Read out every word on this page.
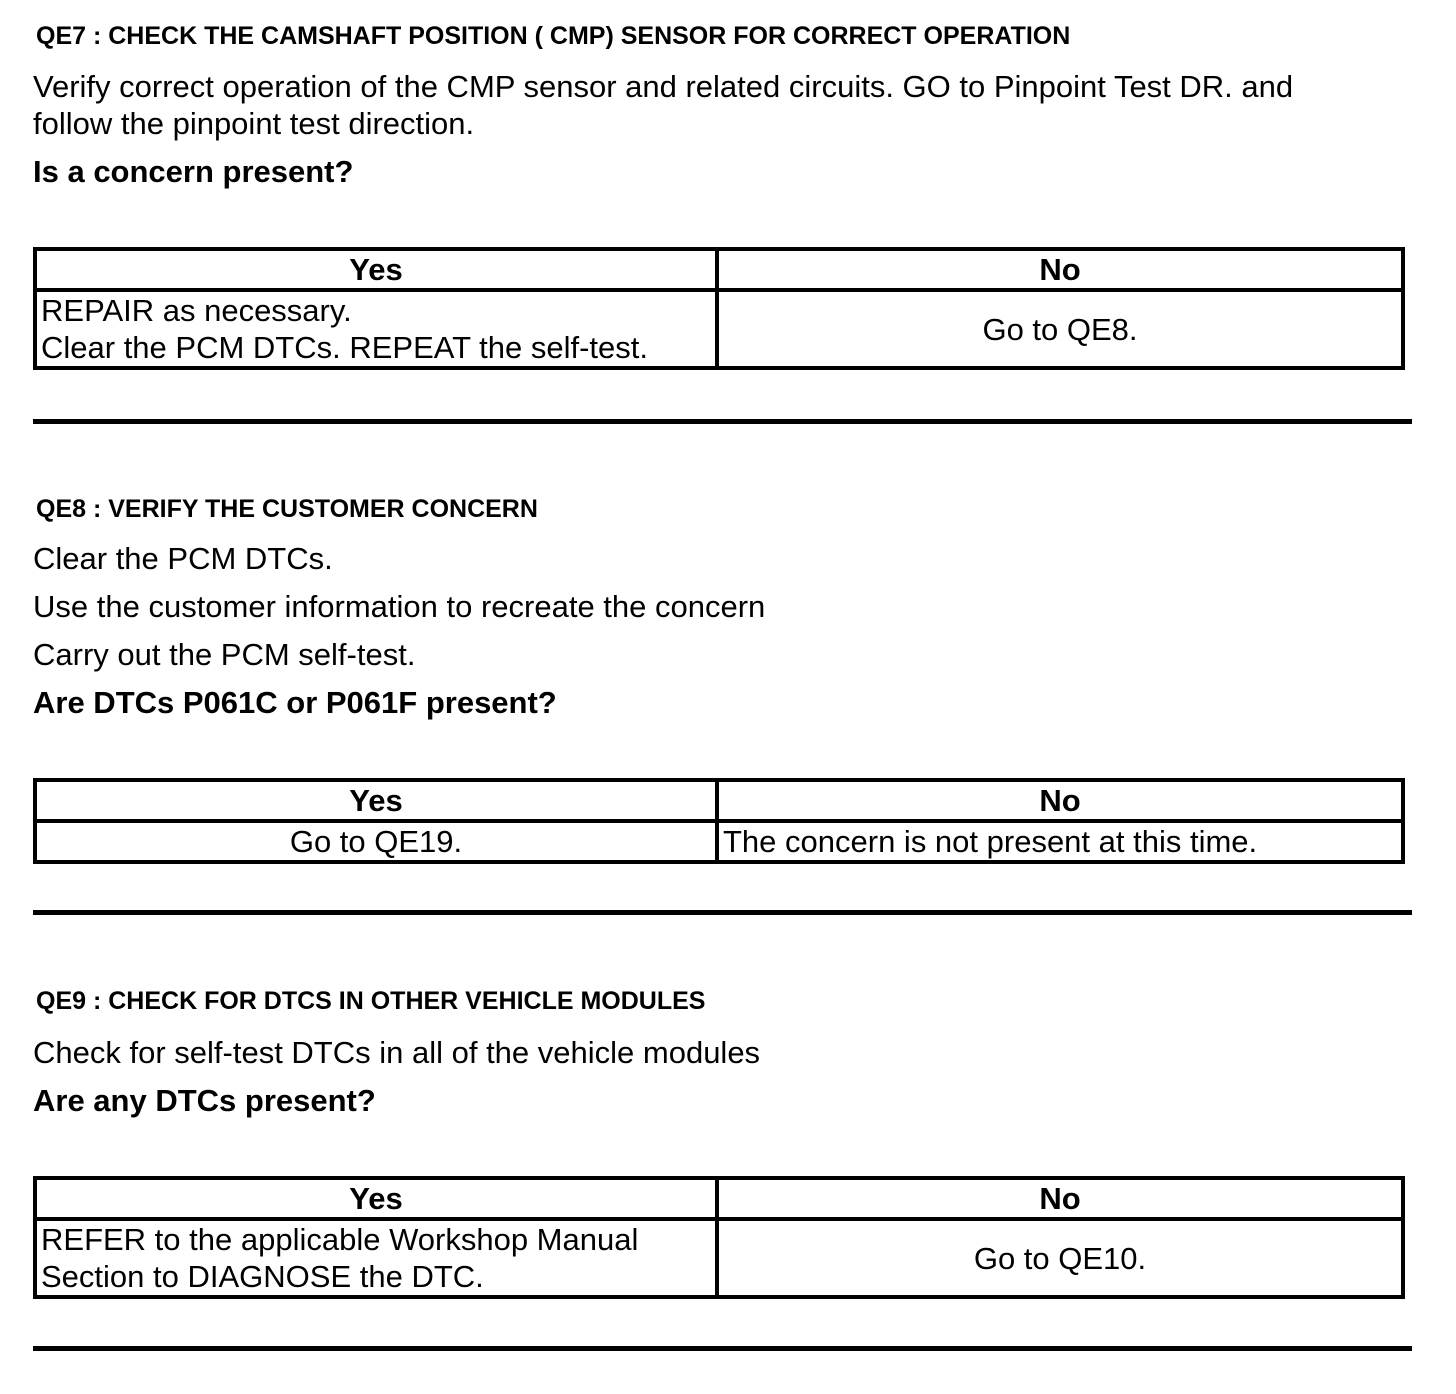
QE7 : CHECK THE CAMSHAFT POSITION ( CMP) SENSOR FOR CORRECT OPERATION
Verify correct operation of the CMP sensor and related circuits. GO to Pinpoint Test DR. and
follow the pinpoint test direction.
Is a concern present?
Yes	No

REPAIR as necessary.
Clear the PCM DTCs. REPEAT the self-test.	Go to QE8.
QE8 : VERIFY THE CUSTOMER CONCERN
Clear the PCM DTCs.
Use the customer information to recreate the concern
Carry out the PCM self-test.
Are DTCs P061C or P061F present?
Yes	No

Go to QE19.	The concern is not present at this time.
QE9 : CHECK FOR DTCS IN OTHER VEHICLE MODULES
Check for self-test DTCs in all of the vehicle modules
Are any DTCs present?
Yes	No

REFER to the applicable Workshop Manual
Section to DIAGNOSE the DTC.	Go to QE10.
